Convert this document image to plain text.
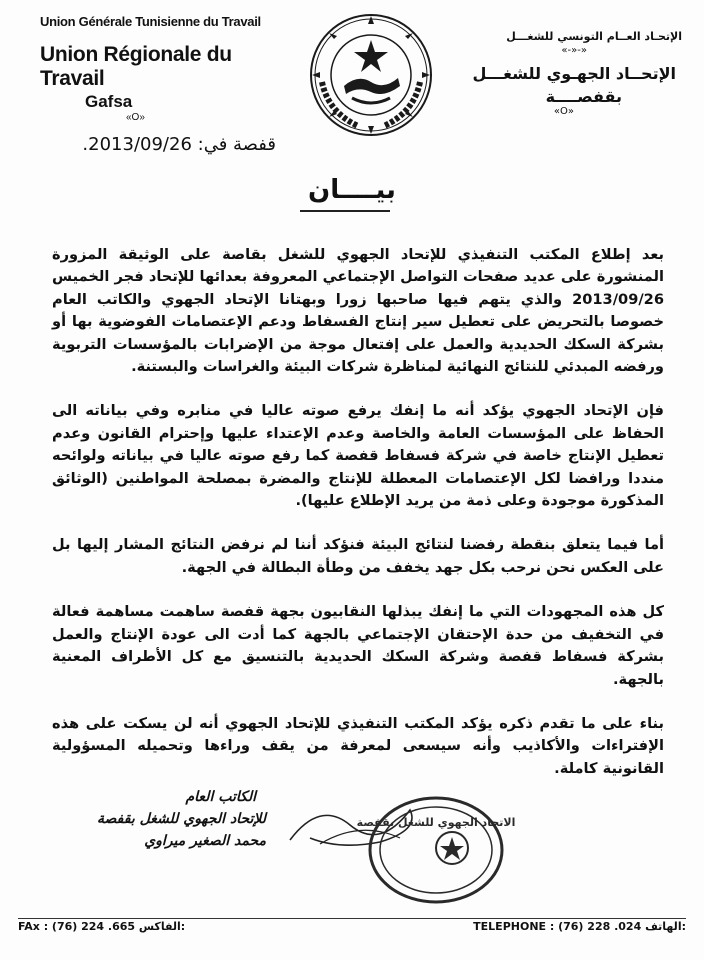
Union Générale Tunisienne du Travail
Union Régionale du Travail
Gafsa
«O»
الإتحـاد العــام التونسي للشغـــل
«-«-»
الإتحــاد الجهـوي للشغـــل
بقفصــــة
«O»
قفصة في: 2013/09/26.
بيــــان

بعد إطلاع المكتب التنفيذي للإتحاد الجهوي للشغل بقاصة على الوثيقة المزورة المنشورة على عديد صفحات التواصل الإجتماعي المعروفة بعدائها للإتحاد فجر الخميس 2013/09/26 والذي يتهم فيها صاحبها زورا وبهتانا الإتحاد الجهوي والكاتب العام خصوصا بالتحريض على تعطيل سير إنتاج الفسفاط ودعم الإعتصامات الفوضوية بها أو بشركة السكك الحديدية والعمل على إفتعال موجة من الإضرابات بالمؤسسات التربوية ورفضه المبدئي للنتائج النهائية لمناظرة شركات البيئة والغراسات والبستنة.

فإن الإتحاد الجهوي يؤكد أنه ما إنفك يرفع صوته عاليا في منابره وفي بياناته الى الحفاظ على المؤسسات العامة والخاصة وعدم الإعتداء عليها وإحترام القانون وعدم تعطيل الإنتاج خاصة في شركة فسفاط قفصة كما رفع صوته عاليا في بياناته ولوائحه منددا ورافضا لكل الإعتصامات المعطلة للإنتاج والمضرة بمصلحة المواطنين (الوثائق المذكورة موجودة وعلى ذمة من يريد الإطلاع عليها).

أما فيما يتعلق بنقطة رفضنا لنتائج البيئة فنؤكد أننا لم نرفض النتائج المشار إليها بل على العكس نحن نرحب بكل جهد يخفف من وطأة البطالة في الجهة.

كل هذه المجهودات التي ما إنفك يبذلها النقابيون بجهة قفصة ساهمت مساهمة فعالة في التخفيف من حدة الإحتقان الإجتماعي بالجهة كما أدت الى عودة الإنتاج والعمل بشركة فسفاط قفصة وشركة السكك الحديدية بالتنسيق مع كل الأطراف المعنية بالجهة.

بناء على ما تقدم ذكره يؤكد المكتب التنفيذي للإتحاد الجهوي أنه لن يسكت على هذه الإفتراءات والأكاذيب وأنه سيسعى لمعرفة من يقف وراءها وتحميله المسؤولية القانونية كاملة.

الاتحاد الجهوي للشغل بقفصة
الكاتب العام
للإتحاد الجهوي للشغل بقفصة
محمد الصغير ميراوي
FAx : (76) 224 .665 الفاكس:	TELEPHONE : (76) 228 .024 الهاتف:
